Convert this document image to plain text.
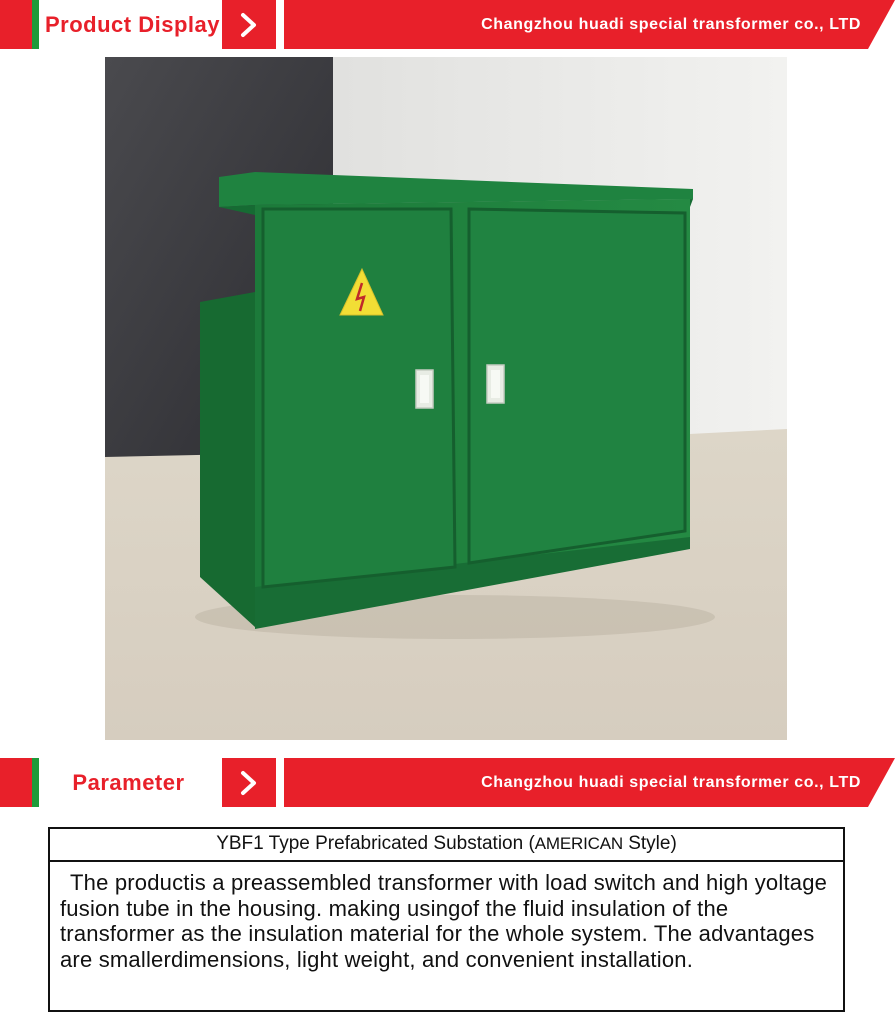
Product Display	Changzhou huadi special transformer co., LTD
Parameter	Changzhou huadi special transformer co., LTD
YBF1 Type Prefabricated Substation (AMERICAN Style)
The productis a preassembled transformer with load switch and high yoltage fusion tube in the housing. making usingof the fluid insulation of the transformer as the insulation material for the whole system. The advantages are smallerdimensions, light weight, and convenient installation.
